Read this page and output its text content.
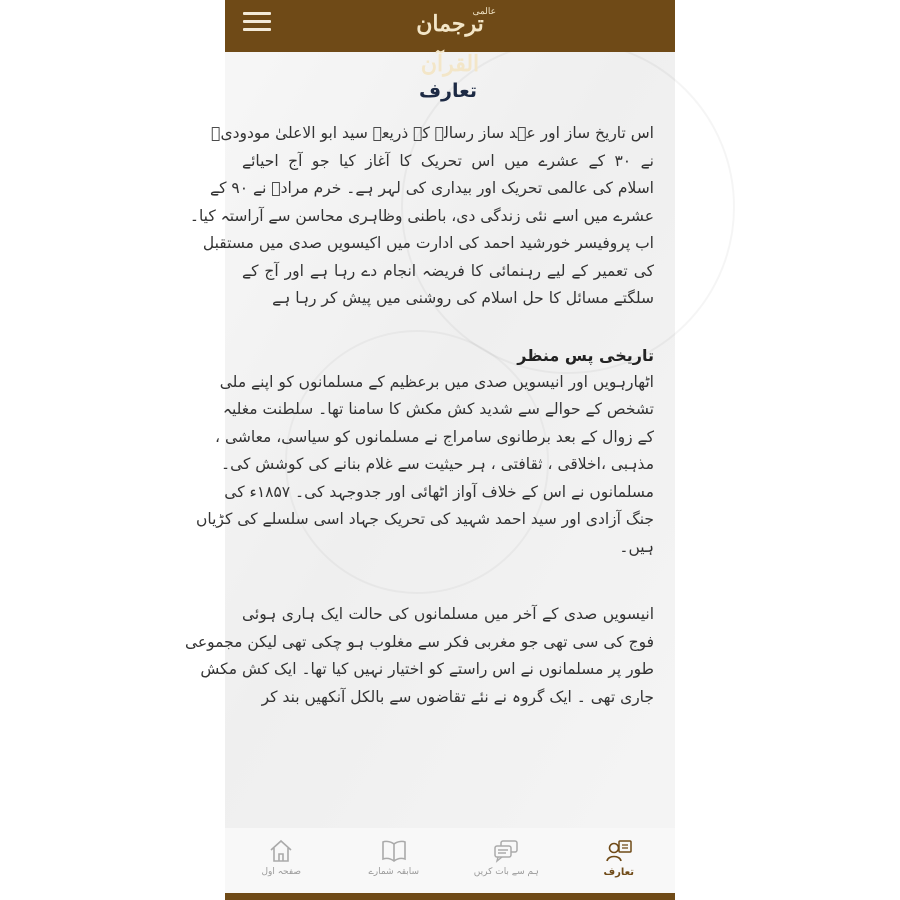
عالمی
ترجمان القرآن
تعارف
اس تاریخ ساز اور عہد ساز رسالے کے ذریعے سید ابو الاعلیٰ مودودیؒ
نے ۳۰ کے عشرے میں اس تحریک کا آغاز کیا جو آج احیائے
اسلام کی عالمی تحریک اور بیداری کی لہر ہے۔ خرم مرادؒ نے ۹۰ کے
عشرے میں اسے نئی زندگی دی، باطنی وظاہری محاسن سے آراستہ کیا۔
اب پروفیسر خورشید احمد کی ادارت میں اکیسویں صدی میں مستقبل
کی تعمیر کے لیے رہنمائی کا فریضہ انجام دے رہا ہے اور آج کے
سلگتے مسائل کا حل اسلام کی روشنی میں پیش کر رہا ہے
تاریخی پس منظر
اٹھارہویں اور انیسویں صدی میں برعظیم کے مسلمانوں کو اپنے ملی
تشخص کے حوالے سے شدید کش مکش کا سامنا تھا۔ سلطنت مغلیہ
کے زوال کے بعد برطانوی سامراج نے مسلمانوں کو سیاسی، معاشی ،
مذہبی ،اخلاقی ، ثقافتی ، ہر حیثیت سے غلام بنانے کی کوشش کی۔
مسلمانوں نے اس کے خلاف آواز اٹھائی اور جدوجہد کی۔ ۱۸۵۷ء کی
جنگ آزادی اور سید احمد شہید کی تحریک جہاد اسی سلسلے کی کڑیاں
ہیں۔
انیسویں صدی کے آخر میں مسلمانوں کی حالت ایک ہاری ہوئی
فوج کی سی تھی جو مغربی فکر سے مغلوب ہو چکی تھی لیکن مجموعی
طور پر مسلمانوں نے اس راستے کو اختیار نہیں کیا تھا۔ ایک کش مکش
جاری تھی ۔ ایک گروہ نے نئے تقاضوں سے بالکل آنکھیں بند کر
صفحہ اول	سابقہ شمارے	ہم سے بات کریں	تعارف
